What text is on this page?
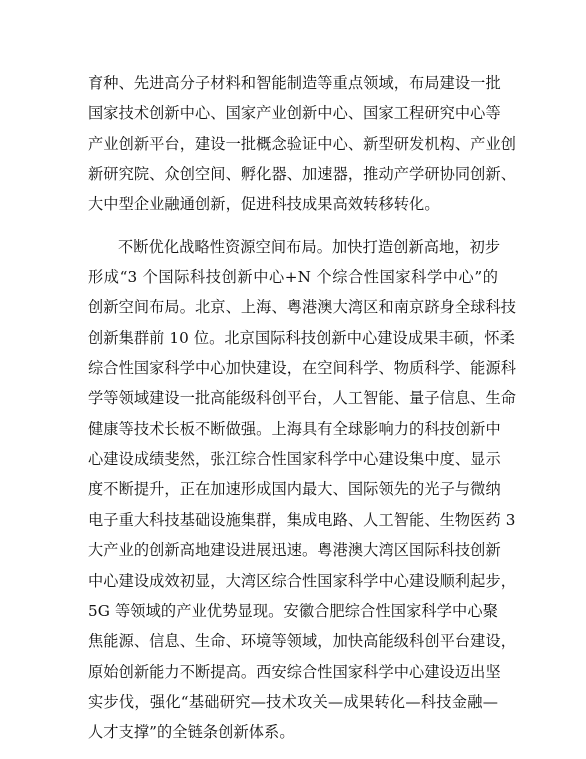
育种、先进高分子材料和智能制造等重点领域，布局建设一批
国家技术创新中心、国家产业创新中心、国家工程研究中心等
产业创新平台，建设一批概念验证中心、新型研发机构、产业创
新研究院、众创空间、孵化器、加速器，推动产学研协同创新、
大中型企业融通创新，促进科技成果高效转移转化。
不断优化战略性资源空间布局。加快打造创新高地，初步
形成“3 个国际科技创新中心+N 个综合性国家科学中心”的
创新空间布局。北京、上海、粤港澳大湾区和南京跻身全球科技
创新集群前 10 位。北京国际科技创新中心建设成果丰硕，怀柔
综合性国家科学中心加快建设，在空间科学、物质科学、能源科
学等领域建设一批高能级科创平台，人工智能、量子信息、生命
健康等技术长板不断做强。上海具有全球影响力的科技创新中
心建设成绩斐然，张江综合性国家科学中心建设集中度、显示
度不断提升，正在加速形成国内最大、国际领先的光子与微纳
电子重大科技基础设施集群，集成电路、人工智能、生物医药 3
大产业的创新高地建设进展迅速。粤港澳大湾区国际科技创新
中心建设成效初显，大湾区综合性国家科学中心建设顺利起步，
5G 等领域的产业优势显现。安徽合肥综合性国家科学中心聚
焦能源、信息、生命、环境等领域，加快高能级科创平台建设，
原始创新能力不断提高。西安综合性国家科学中心建设迈出坚
实步伐，强化“基础研究—技术攻关—成果转化—科技金融—
人才支撑”的全链条创新体系。
